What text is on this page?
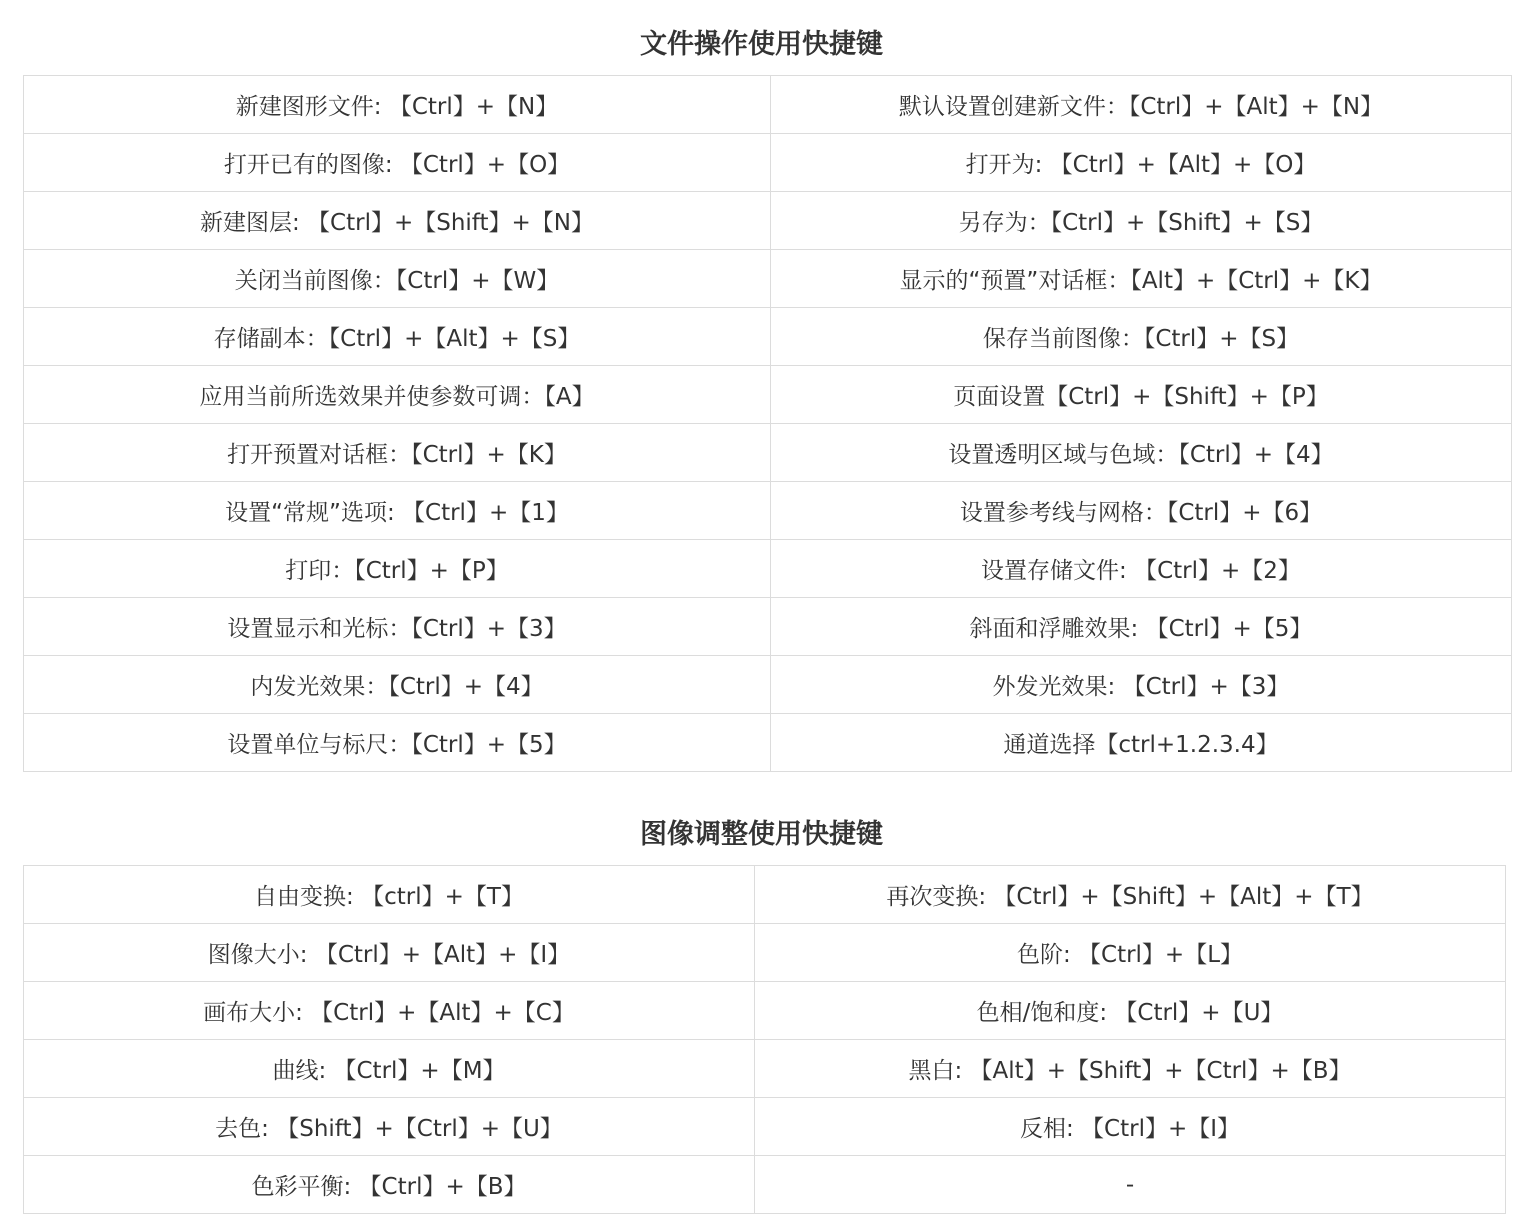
文件操作使用快捷键
新建图形文件: 【Ctrl】+【N】	默认设置创建新文件：【Ctrl】+【Alt】+【N】
打开已有的图像: 【Ctrl】+【O】	打开为: 【Ctrl】+【Alt】+【O】
新建图层: 【Ctrl】+【Shift】+【N】	另存为：【Ctrl】+【Shift】+【S】
关闭当前图像：【Ctrl】+【W】	显示的“预置”对话框：【Alt】+【Ctrl】+【K】
存储副本：【Ctrl】+【Alt】+【S】	保存当前图像：【Ctrl】+【S】
应用当前所选效果并使参数可调：【A】	页面设置【Ctrl】+【Shift】+【P】
打开预置对话框：【Ctrl】+【K】	设置透明区域与色域：【Ctrl】+【4】
设置“常规”选项: 【Ctrl】+【1】	设置参考线与网格：【Ctrl】+【6】
打印：【Ctrl】+【P】	设置存储文件: 【Ctrl】+【2】
设置显示和光标：【Ctrl】+【3】	斜面和浮雕效果: 【Ctrl】+【5】
内发光效果：【Ctrl】+【4】	外发光效果: 【Ctrl】+【3】
设置单位与标尺：【Ctrl】+【5】	通道选择【ctrl+1.2.3.4】
图像调整使用快捷键
自由变换: 【ctrl】+【T】	再次变换: 【Ctrl】+【Shift】+【Alt】+【T】
图像大小: 【Ctrl】+【Alt】+【I】	色阶: 【Ctrl】+【L】
画布大小: 【Ctrl】+【Alt】+【C】	色相/饱和度: 【Ctrl】+【U】
曲线: 【Ctrl】+【M】	黑白: 【Alt】+【Shift】+【Ctrl】+【B】
去色: 【Shift】+【Ctrl】+【U】	反相: 【Ctrl】+【I】
色彩平衡: 【Ctrl】+【B】	-
